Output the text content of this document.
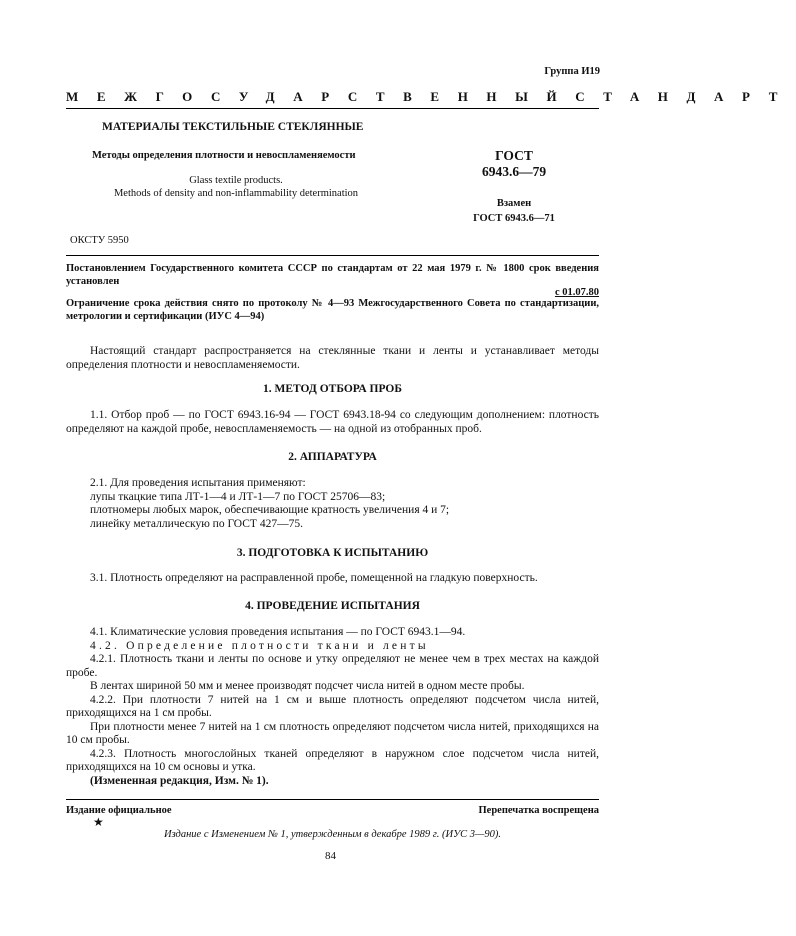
Группа И19
МЕЖГОСУДАРСТВЕННЫЙ СТАНДАРТ
МАТЕРИАЛЫ ТЕКСТИЛЬНЫЕ СТЕКЛЯННЫЕ
Методы определения плотности и невоспламеняемости
Glass textile products.
Methods of density and non-inflammability determination
ГОСТ
6943.6—79
Взамен
ГОСТ 6943.6—71
ОКСТУ 5950
Постановлением Государственного комитета СССР по стандартам от 22 мая 1979 г. № 1800 срок введения установлен
с 01.07.80
Ограничение срока действия снято по протоколу № 4—93 Межгосударственного Совета по стандартизации, метрологии и сертификации (ИУС 4—94)

Настоящий стандарт распространяется на стеклянные ткани и ленты и устанавливает методы определения плотности и невоспламеняемости.

1. МЕТОД ОТБОРА ПРОБ

1.1. Отбор проб — по ГОСТ 6943.16-94 — ГОСТ 6943.18-94 со следующим дополнением: плотность определяют на каждой пробе, невоспламеняемость — на одной из отобранных проб.

2. АППАРАТУРА

2.1. Для проведения испытания применяют:

лупы ткацкие типа ЛТ-1—4 и ЛТ-1—7 по ГОСТ 25706—83;

плотномеры любых марок, обеспечивающие кратность увеличения 4 и 7;

линейку металлическую по ГОСТ 427—75.

3. ПОДГОТОВКА К ИСПЫТАНИЮ

3.1. Плотность определяют на расправленной пробе, помещенной на гладкую поверхность.

4. ПРОВЕДЕНИЕ ИСПЫТАНИЯ

4.1. Климатические условия проведения испытания — по ГОСТ 6943.1—94.

4.2. Определение плотности ткани и ленты

4.2.1. Плотность ткани и ленты по основе и утку определяют не менее чем в трех местах на каждой пробе.

В лентах шириной 50 мм и менее производят подсчет числа нитей в одном месте пробы.

4.2.2. При плотности 7 нитей на 1 см и выше плотность определяют подсчетом числа нитей, приходящихся на 1 см пробы.

При плотности менее 7 нитей на 1 см плотность определяют подсчетом числа нитей, приходящихся на 10 см пробы.

4.2.3. Плотность многослойных тканей определяют в наружном слое подсчетом числа нитей, приходящихся на 10 см основы и утка.

(Измененная редакция, Изм. № 1).

Издание официальное	Перепечатка воспрещена
★
Издание с Изменением № 1, утвержденным в декабре 1989 г. (ИУС 3—90).
84
